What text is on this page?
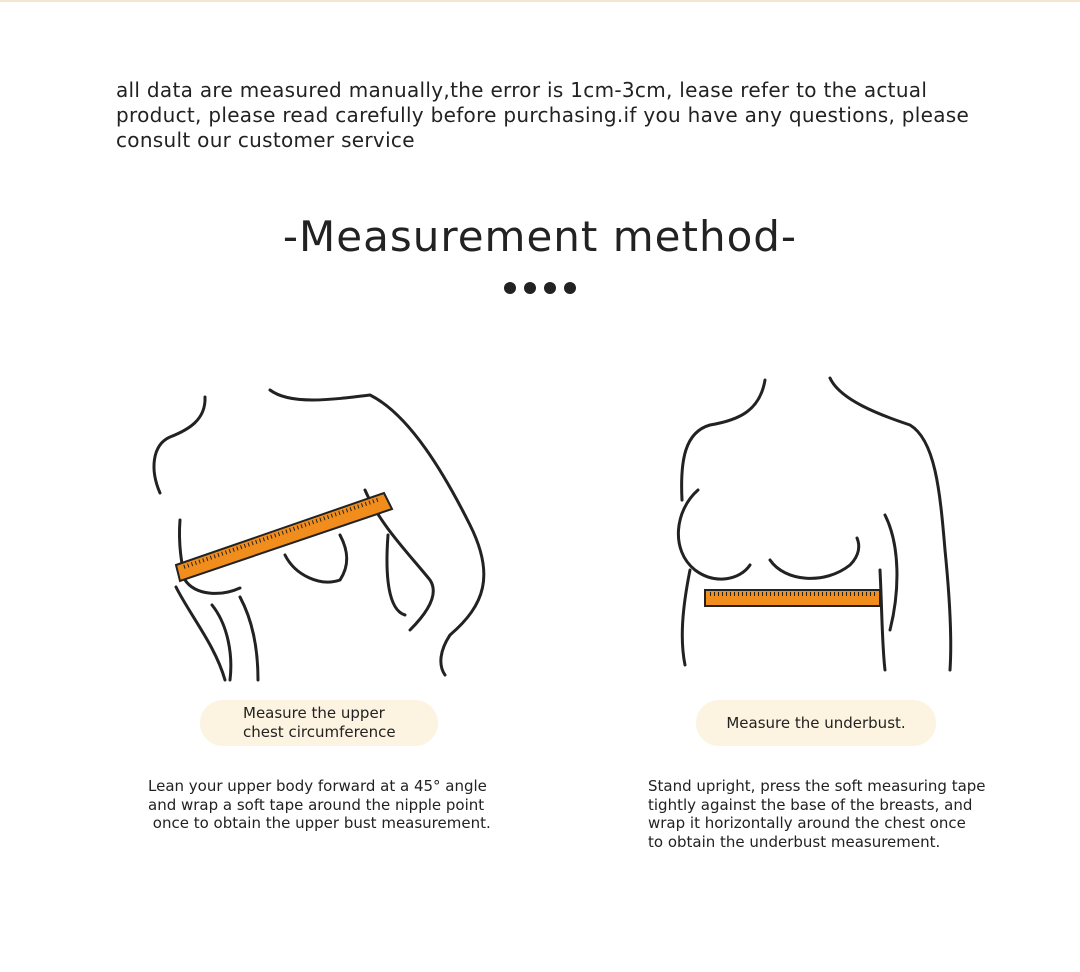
all data are measured manually,the error is 1cm-3cm, lease refer to the actual product, please read carefully before purchasing.if you have any questions, please consult our customer service

-Measurement method-
Measure the upper
chest circumference
Measure the underbust.

Lean your upper body forward at a 45° angle
and wrap a soft tape around the nipple point
once to obtain the upper bust measurement.

Stand upright, press the soft measuring tape
tightly against the base of the breasts, and
wrap it horizontally around the chest once
to obtain the underbust measurement.
